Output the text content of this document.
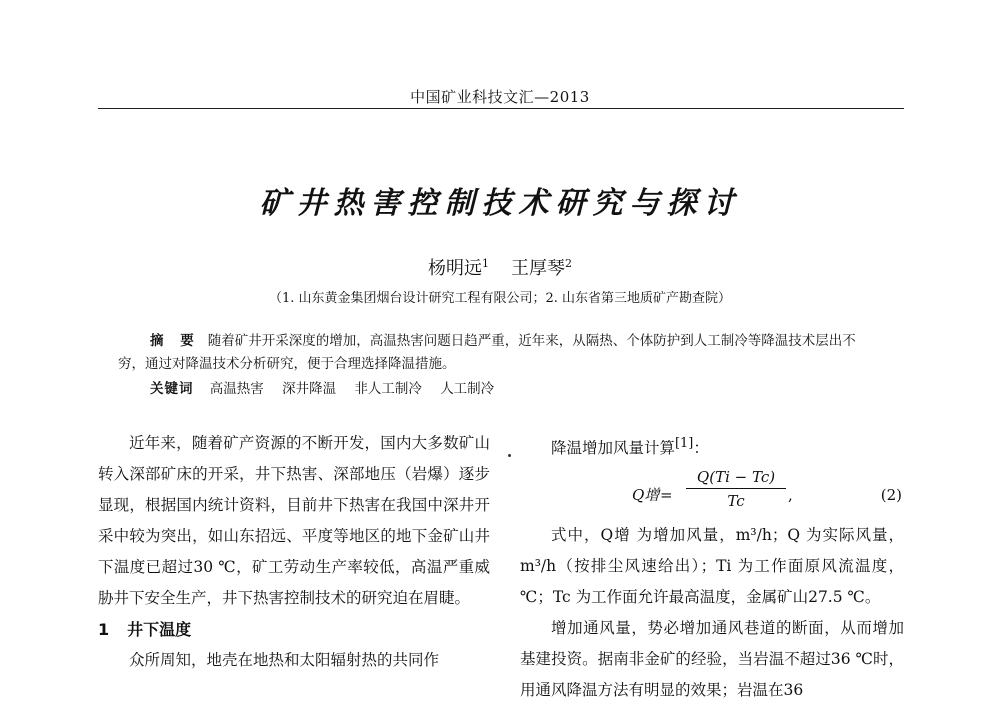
中国矿业科技文汇—2013
矿井热害控制技术研究与探讨
杨明远$^1$ 王厚琴$^2$
（1. 山东黄金集团烟台设计研究工程有限公司；2. 山东省第三地质矿产勘查院）

摘 要 随着矿井开采深度的增加，高温热害问题日趋严重，近年来，从隔热、个体防护到人工制冷等降温技术层出不穷，通过对降温技术分析研究，便于合理选择降温措施。

关键词 高温热害 深井降温 非人工制冷 人工制冷

近年来，随着矿产资源的不断开发，国内大多数矿山转入深部矿床的开采，井下热害、深部地压（岩爆）逐步显现，根据国内统计资料，目前井下热害在我国中深井开采中较为突出，如山东招远、平度等地区的地下金矿山井下温度已超过30 ℃，矿工劳动生产率较低，高温严重威胁井下安全生产，井下热害控制技术的研究迫在眉睫。

1 井下温度

众所周知，地壳在地热和太阳辐射热的共同作

降温增加风量计算[1]：

Q增 = $\frac{Q(Ti - Tc)}{Tc}$ ,	(2)

式中，Q增 为增加风量，m³/h；Q 为实际风量，m³/h（按排尘风速给出）；Ti 为工作面原风流温度，℃；Tc 为工作面允许最高温度，金属矿山27.5 ℃。

增加通风量，势必增加通风巷道的断面，从而增加基建投资。据南非金矿的经验，当岩温不超过36 ℃时，用通风降温方法有明显的效果；岩温在36
